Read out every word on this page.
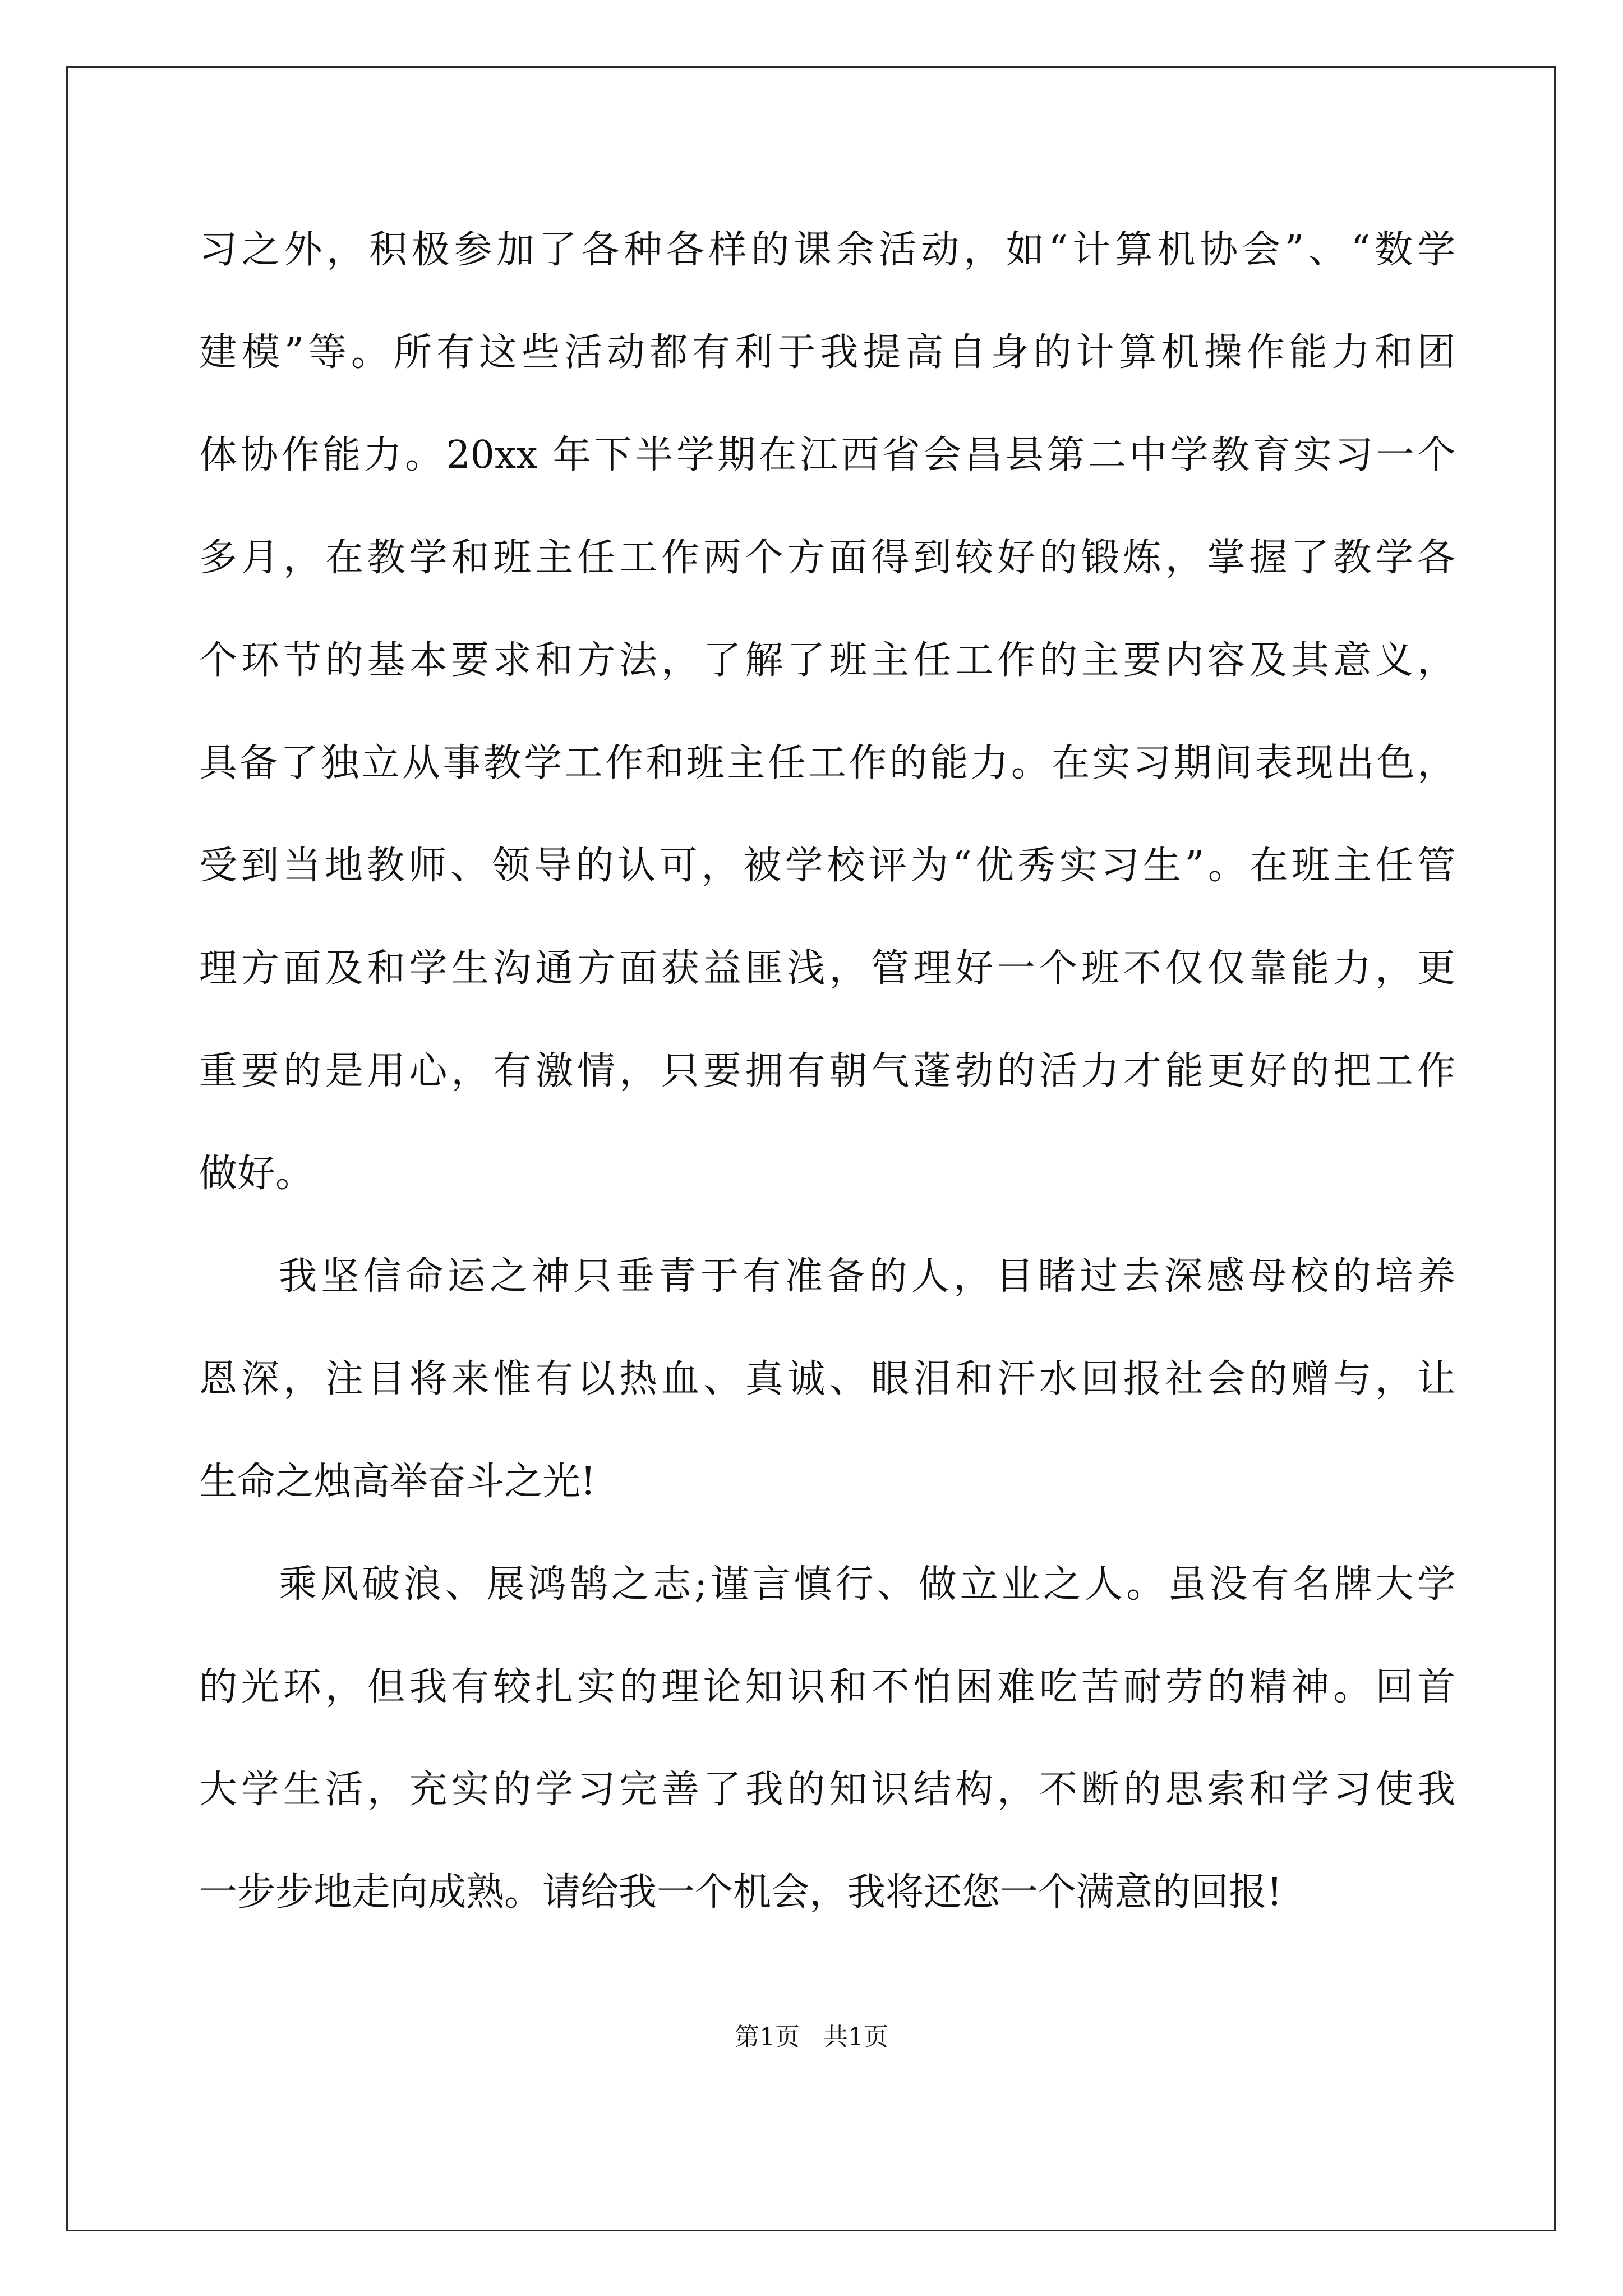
习之外，积极参加了各种各样的课余活动，如“计算机协会”、“数学
建模”等。所有这些活动都有利于我提高自身的计算机操作能力和团
体协作能力。20xx 年下半学期在江西省会昌县第二中学教育实习一个
多月，在教学和班主任工作两个方面得到较好的锻炼，掌握了教学各
个环节的基本要求和方法，了解了班主任工作的主要内容及其意义，
具备了独立从事教学工作和班主任工作的能力。在实习期间表现出色，
受到当地教师、领导的认可，被学校评为“优秀实习生”。在班主任管
理方面及和学生沟通方面获益匪浅，管理好一个班不仅仅靠能力，更
重要的是用心，有激情，只要拥有朝气蓬勃的活力才能更好的把工作
做好。
我坚信命运之神只垂青于有准备的人，目睹过去深感母校的培养
恩深，注目将来惟有以热血、真诚、眼泪和汗水回报社会的赠与，让
生命之烛高举奋斗之光!
乘风破浪、展鸿鹄之志;谨言慎行、做立业之人。虽没有名牌大学
的光环，但我有较扎实的理论知识和不怕困难吃苦耐劳的精神。回首
大学生活，充实的学习完善了我的知识结构，不断的思索和学习使我
一步步地走向成熟。请给我一个机会，我将还您一个满意的回报!
第1页   共1页
